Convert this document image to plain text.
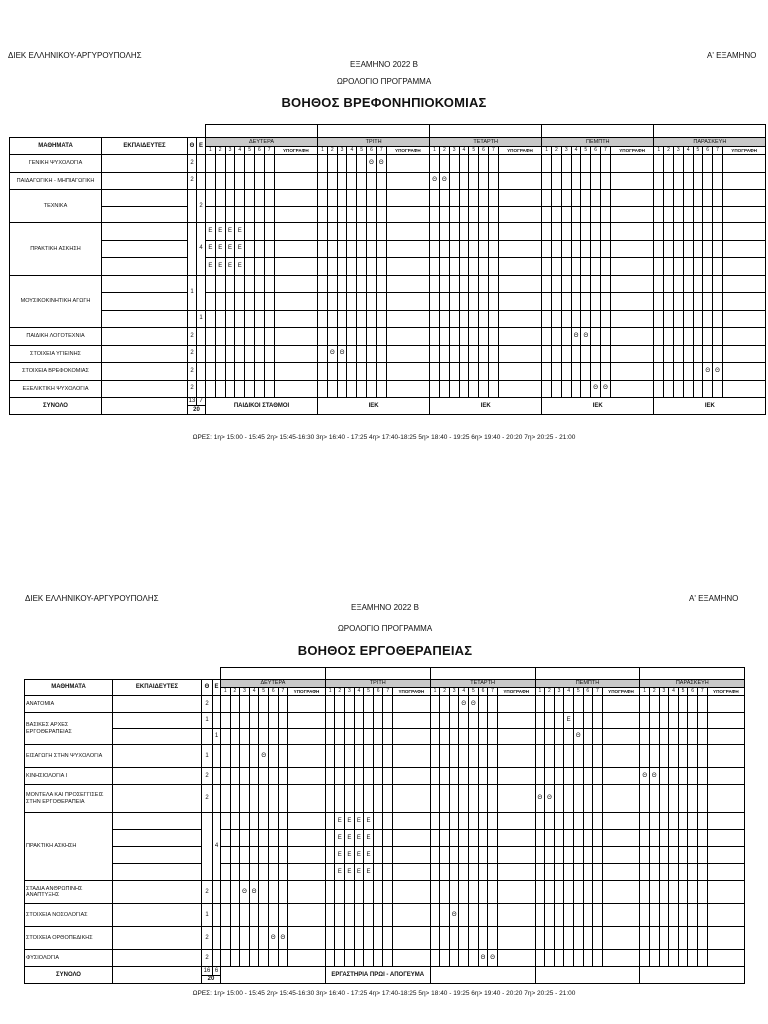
ΔΙΕΚ ΕΛΛΗΝΙΚΟΥ-ΑΡΓΥΡΟΥΠΟΛΗΣ	Α' ΕΞΑΜΗΝΟ
ΕΞΑΜΗΝΟ 2022 Β
ΩΡΟΛΟΓΙΟ ΠΡΟΓΡΑΜΜΑ
ΒΟΗΘΟΣ ΒΡΕΦΟΝΗΠΙΟΚΟΜΙΑΣ

ΜΑΘΗΜΑΤΑ	ΕΚΠΑΙΔΕΥΤΕΣ	Θ	Ε	ΔΕΥΤΕΡΑ								ΤΡΙΤΗ								ΤΕΤΑΡΤΗ								ΠΕΜΠΤΗ								ΠΑΡΑΣΚΕΥΗ							
				1	2	3	4	5	6	7	ΥΠΟΓΡΑΦΗ	1	2	3	4	5	6	7	ΥΠΟΓΡΑΦΗ	1	2	3	4	5	6	7	ΥΠΟΓΡΑΦΗ	1	2	3	4	5	6	7	ΥΠΟΓΡΑΦΗ	1	2	3	4	5	6	7	ΥΠΟΓΡΑΦΗ
ΓΕΝΙΚΗ ΨΥΧΟΛΟΓΙΑ		2															Θ	Θ																									
ΠΑΙΔΑΓΩΓΙΚΗ - ΜΗΠΙΑΓΩΓΙΚΗ		2																		Θ	Θ																						
ΤΕΧΝΙΚΑ			2																																								

ΠΡΑΚΤΙΚΗ ΑΣΚΗΣΗ			4	Ε	Ε	Ε	Ε																																				
				Ε	Ε	Ε	Ε																																				
				Ε	Ε	Ε	Ε																																				
ΜΟΥΣΙΚΟΚΙΝΗΤΙΚΗ ΑΓΩΓΗ		1																																									

			1																																								
ΠΑΙΔΙΚΗ ΛΟΓΟΤΕΧΝΙΑ		2																													Θ	Θ											
ΣΤΟΙΧΕΙΑ ΥΓΙΕΙΝΗΣ		2											Θ	Θ																													
ΣΤΟΙΧΕΙΑ ΒΡΕΦΟΚΟΜΙΑΣ		2																																							Θ	Θ	
ΕΞΕΛΙΚΤΙΚΗ ΨΥΧΟΛΟΓΙΑ		2																															Θ	Θ									
ΣΥΝΟΛΟ		13	7	ΠΑΙΔΙΚΟΙ ΣΤΑΘΜΟΙ								ΙΕΚ								ΙΕΚ								ΙΕΚ								ΙΕΚ							
		20																																									
ΩΡΕΣ: 1η> 15:00 - 15:45 2η> 15:45-16:30 3η> 16:40 - 17:25 4η> 17:40-18:25 5η> 18:40 - 19:25 6η> 19:40 - 20:20 7η> 20:25 - 21:00
ΔΙΕΚ ΕΛΛΗΝΙΚΟΥ-ΑΡΓΥΡΟΥΠΟΛΗΣ	Α' ΕΞΑΜΗΝΟ
ΕΞΑΜΗΝΟ 2022 Β
ΩΡΟΛΟΓΙΟ ΠΡΟΓΡΑΜΜΑ
ΒΟΗΘΟΣ ΕΡΓΟΘΕΡΑΠΕΙΑΣ

ΜΑΘΗΜΑΤΑ	ΕΚΠΑΙΔΕΥΤΕΣ	Θ	Ε	ΔΕΥΤΕΡΑ								ΤΡΙΤΗ								ΤΕΤΑΡΤΗ								ΠΕΜΠΤΗ								ΠΑΡΑΣΚΕΥΗ							
				1	2	3	4	5	6	7	ΥΠΟΓΡΑΦΗ	1	2	3	4	5	6	7	ΥΠΟΓΡΑΦΗ	1	2	3	4	5	6	7	ΥΠΟΓΡΑΦΗ	1	2	3	4	5	6	7	ΥΠΟΓΡΑΦΗ	1	2	3	4	5	6	7	ΥΠΟΓΡΑΦΗ
ΑΝΑΤΟΜΙΑ		2																					Θ	Θ																			
ΒΑΣΙΚΕΣ ΑΡΧΕΣ ΕΡΓΟΘΕΡΑΠΕΙΑΣ		1																													Ε												
			1																													Θ											
ΕΙΣΑΓΩΓΗ ΣΤΗΝ ΨΥΧΟΛΟΓΙΑ		1						Θ																																			
ΚΙΝΗΣΙΟΛΟΓΙΑ Ι		2																																		Θ	Θ						
ΜΟΝΤΕΛΑ ΚΑΙ ΠΡΟΣΕΓΓΙΣΕΙΣ ΣΤΗΝ ΕΡΓΟΘΕΡΑΠΕΙΑ		2																										Θ	Θ														
ΠΡΑΚΤΙΚΗ ΑΣΚΗΣΗ			4										Ε	Ε	Ε	Ε																											
													Ε	Ε	Ε	Ε																											
													Ε	Ε	Ε	Ε																											
													Ε	Ε	Ε	Ε																											
ΣΤΑΔΙΑ ΑΝΘΡΩΠΙΝΗΣ ΑΝΑΠΤΥΞΗΣ		2				Θ	Θ																																				
ΣΤΟΙΧΕΙΑ ΝΟΣΟΛΟΓΙΑΣ		1																				Θ																					
ΣΤΟΙΧΕΙΑ ΟΡΘΟΠΕΔΙΚΗΣ		2							Θ	Θ																																	
ΦΥΣΙΟΛΟΓΙΑ		2																							Θ	Θ																	
ΣΥΝΟΛΟ		16	6									ΕΡΓΑΣΤΗΡΙΑ ΠΡΩΙ - ΑΠΟΓΕΥΜΑ																															
		20																																									
ΩΡΕΣ: 1η> 15:00 - 15:45 2η> 15:45-16:30 3η> 16:40 - 17:25 4η> 17:40-18:25 5η> 18:40 - 19:25 6η> 19:40 - 20:20 7η> 20:25 - 21:00
